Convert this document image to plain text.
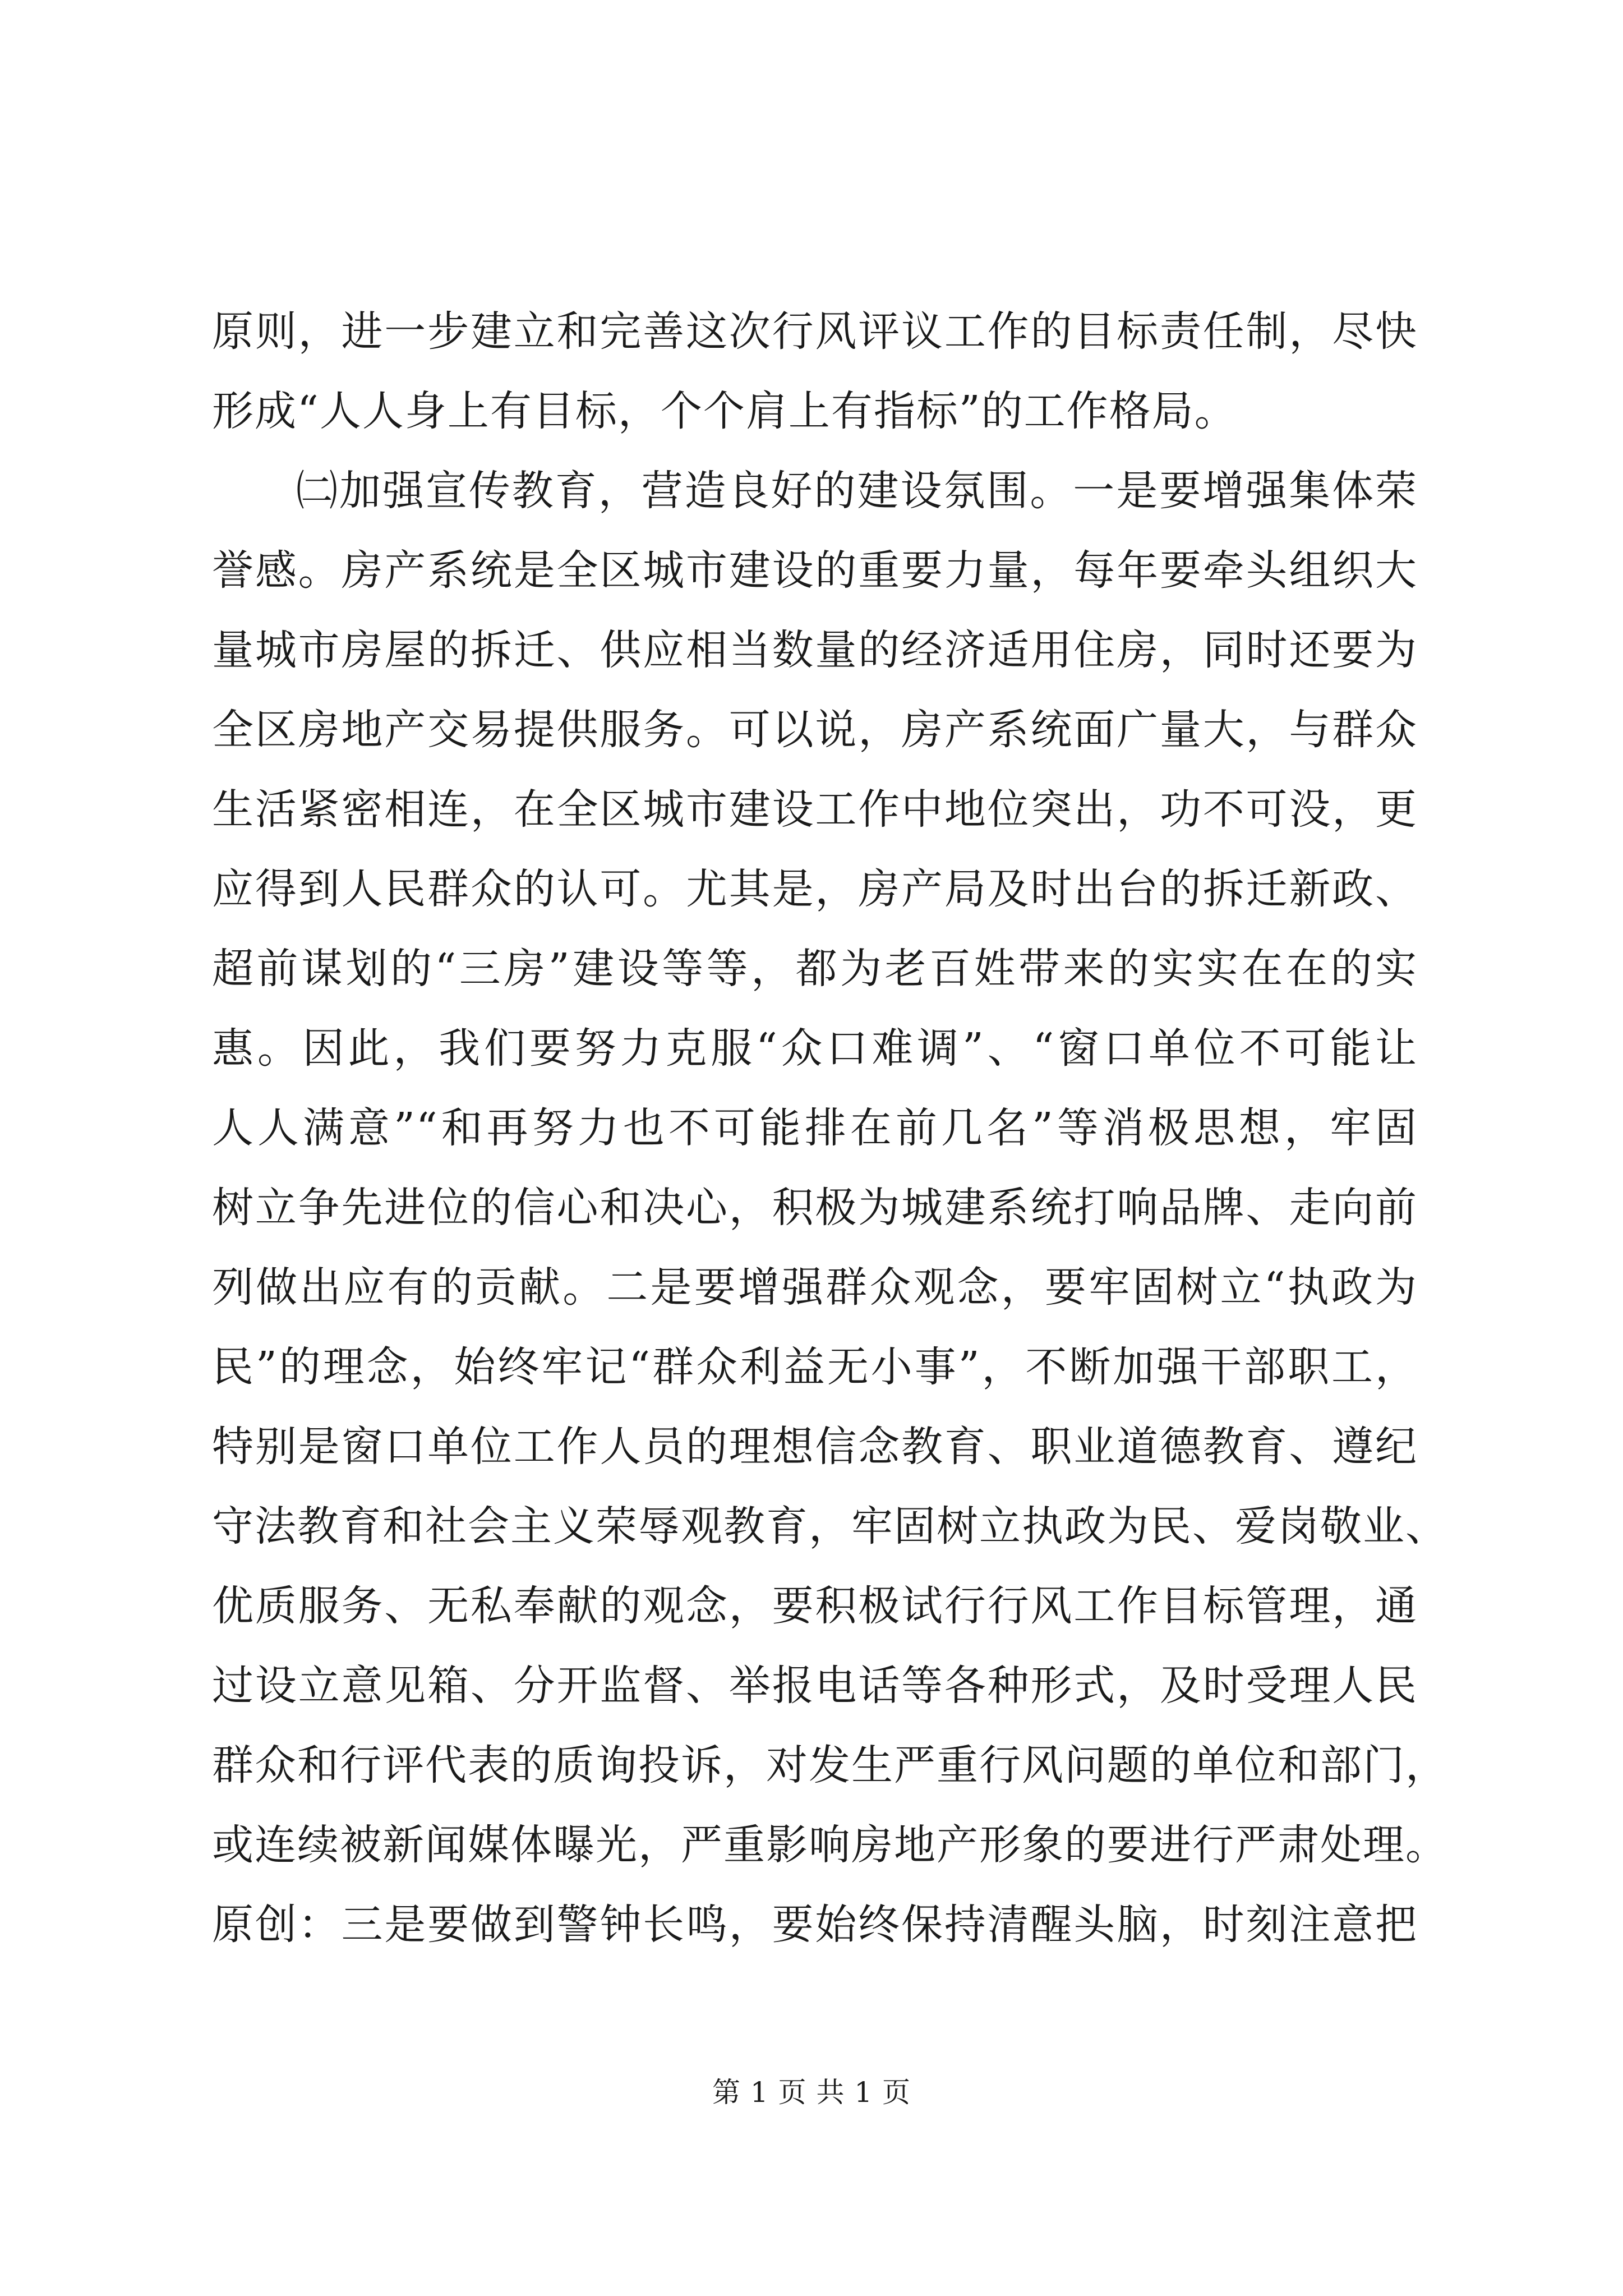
原则，进一步建立和完善这次行风评议工作的目标责任制，尽快
形成“人人身上有目标，个个肩上有指标”的工作格局。
㈡加强宣传教育，营造良好的建设氛围。一是要增强集体荣
誉感。房产系统是全区城市建设的重要力量，每年要牵头组织大
量城市房屋的拆迁、供应相当数量的经济适用住房，同时还要为
全区房地产交易提供服务。可以说，房产系统面广量大，与群众
生活紧密相连，在全区城市建设工作中地位突出，功不可没，更
应得到人民群众的认可。尤其是，房产局及时出台的拆迁新政、
超前谋划的“三房”建设等等，都为老百姓带来的实实在在的实
惠。因此，我们要努力克服“众口难调”、“窗口单位不可能让
人人满意”“和再努力也不可能排在前几名”等消极思想，牢固
树立争先进位的信心和决心，积极为城建系统打响品牌、走向前
列做出应有的贡献。二是要增强群众观念，要牢固树立“执政为
民”的理念，始终牢记“群众利益无小事”，不断加强干部职工，
特别是窗口单位工作人员的理想信念教育、职业道德教育、遵纪
守法教育和社会主义荣辱观教育，牢固树立执政为民、爱岗敬业、
优质服务、无私奉献的观念，要积极试行行风工作目标管理，通
过设立意见箱、分开监督、举报电话等各种形式，及时受理人民
群众和行评代表的质询投诉，对发生严重行风问题的单位和部门，
或连续被新闻媒体曝光，严重影响房地产形象的要进行严肃处理。
原创：三是要做到警钟长鸣，要始终保持清醒头脑，时刻注意把
第 1 页 共 1 页
